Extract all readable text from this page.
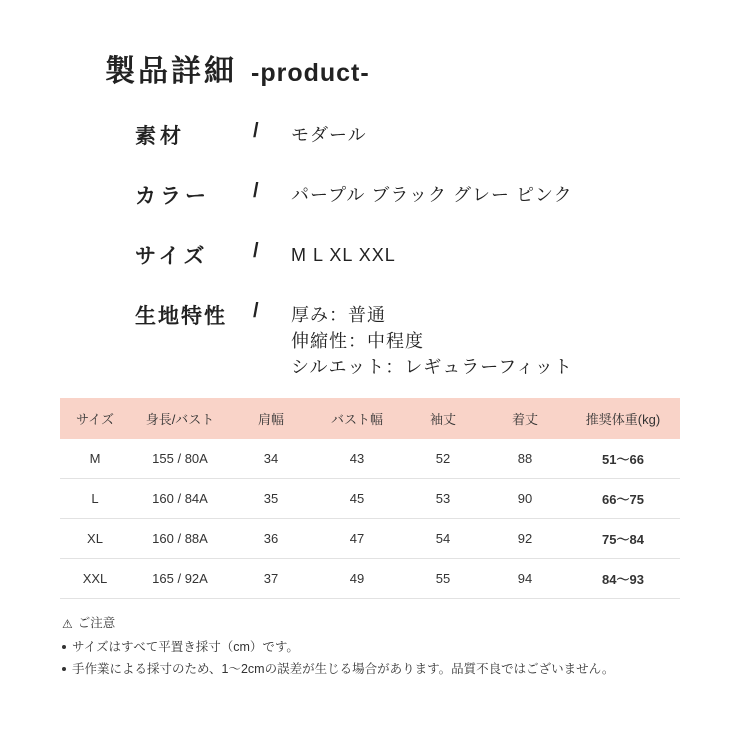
製品詳細 -product-
素材	/	モダール
カラー	/	パープル ブラック グレー ピンク
サイズ	/	M L XL XXL
生地特性	/	厚み：普通
伸縮性：中程度
シルエット：レギュラーフィット
サイズ	身長/バスト	肩幅	バスト幅	袖丈	着丈	推奨体重(kg)
M	155 / 80A	34	43	52	88	51〜66
L	160 / 84A	35	45	53	90	66〜75
XL	160 / 88A	36	47	54	92	75〜84
XXL	165 / 92A	37	49	55	94	84〜93
⚠ ご注意
サイズはすべて平置き採寸（cm）です。
手作業による採寸のため、1〜2cmの誤差が生じる場合があります。品質不良ではございません。
